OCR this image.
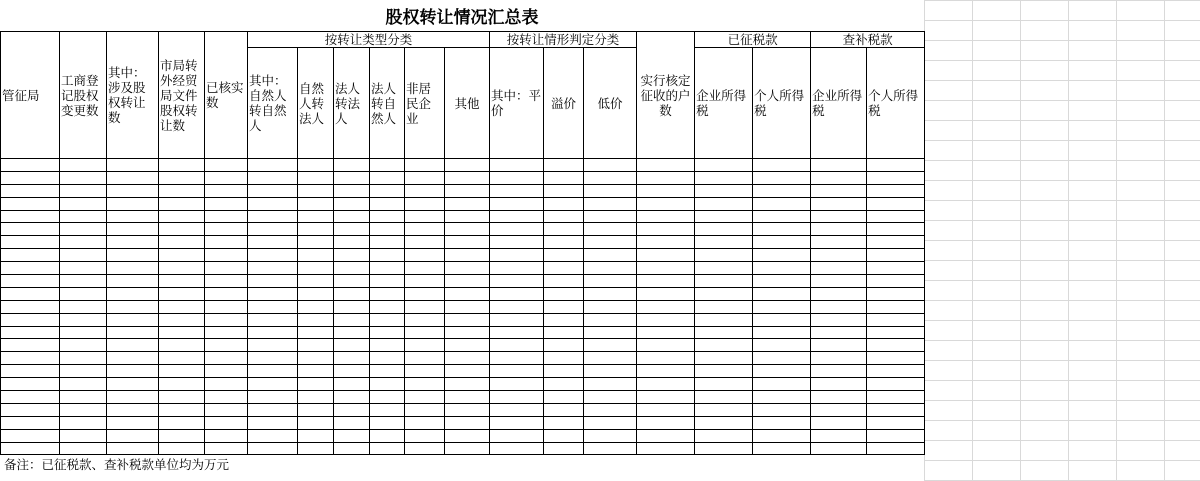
股权转让情况汇总表
管征局	工商登记股权变更数	其中：涉及股权转让数	市局转外经贸局文件股权转让数	已核实数	按转让类型分类						按转让情形判定分类			实行核定征收的户数	已征税款		查补税款	
					其中：自然人转自然人	自然人转法人	法人转法人	法人转自然人	非居民企业	其他	其中：平价	溢价	低价		企业所得税	个人所得税	企业所得税	个人所得税

备注：已征税款、查补税款单位均为万元
